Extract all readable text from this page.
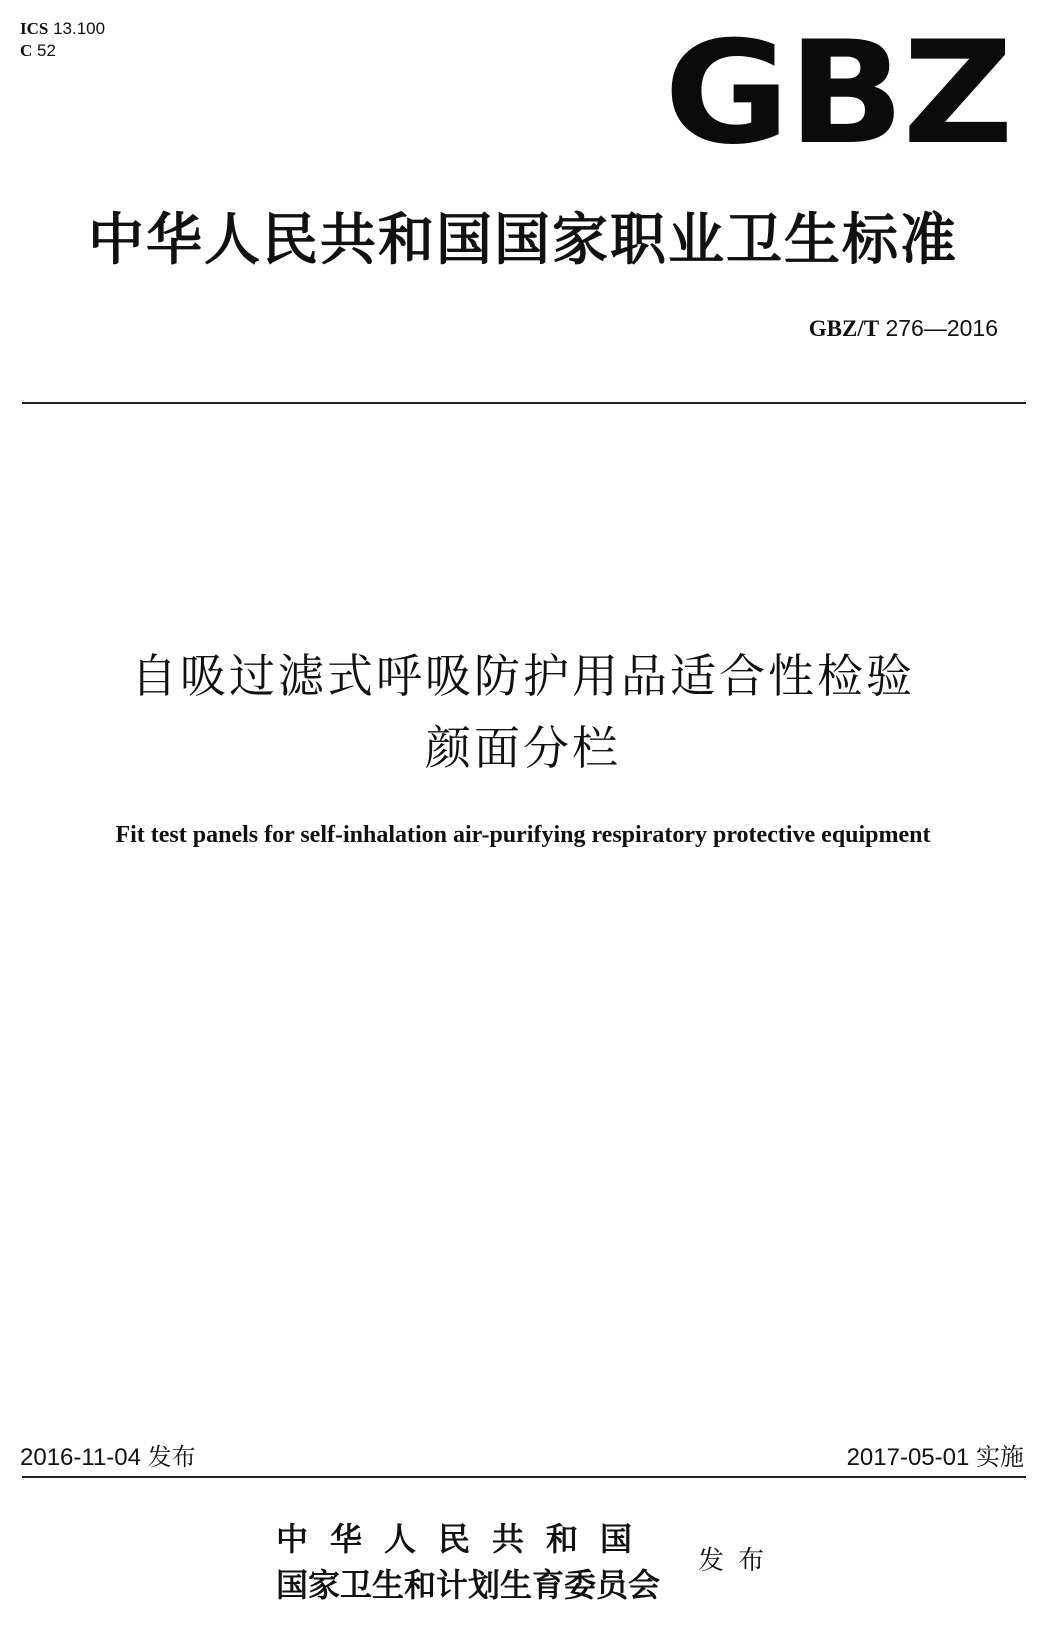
ICS 13.100
C 52	GBZ
中华人民共和国国家职业卫生标准
GBZ/T 276—2016
自吸过滤式呼吸防护用品适合性检验
颜面分栏
Fit test panels for self-inhalation air-purifying respiratory protective equipment
2016-11-04 发布	2017-05-01 实施
中华人民共和国
国家卫生和计划生育委员会
发布
